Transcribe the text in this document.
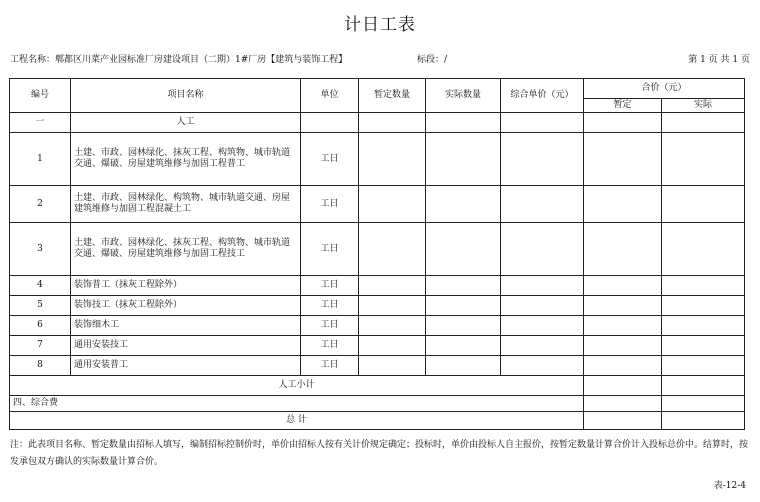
计日工表
工程名称：郫都区川菜产业园标准厂房建设项目（二期）1#厂房【建筑与装饰工程】	标段：/	第 1 页 共 1 页
编号	项目名称	单位	暂定数量	实际数量	综合单价（元）	合价（元）	
						暂定	实际
一	人工						
1	土建、市政、园林绿化、抹灰工程、构筑物、城市轨道交通、爆破、房屋建筑维修与加固工程普工	工日					
2	土建、市政、园林绿化、构筑物、城市轨道交通、房屋建筑维修与加固工程混凝土工	工日					
3	土建、市政、园林绿化、抹灰工程、构筑物、城市轨道交通、爆破、房屋建筑维修与加固工程技工	工日					
4	装饰普工（抹灰工程除外）	工日					
5	装饰技工（抹灰工程除外）	工日					
6	装饰细木工	工日					
7	通用安装技工	工日					
8	通用安装普工	工日					
人工小计							
四、综合费							
总 计							
注：此表项目名称、暂定数量由招标人填写，编制招标控制价时，单价由招标人按有关计价规定确定；投标时，单价由投标人自主报价，按暂定数量计算合价计入投标总价中。结算时，按发承包双方确认的实际数量计算合价。
表-12-4
